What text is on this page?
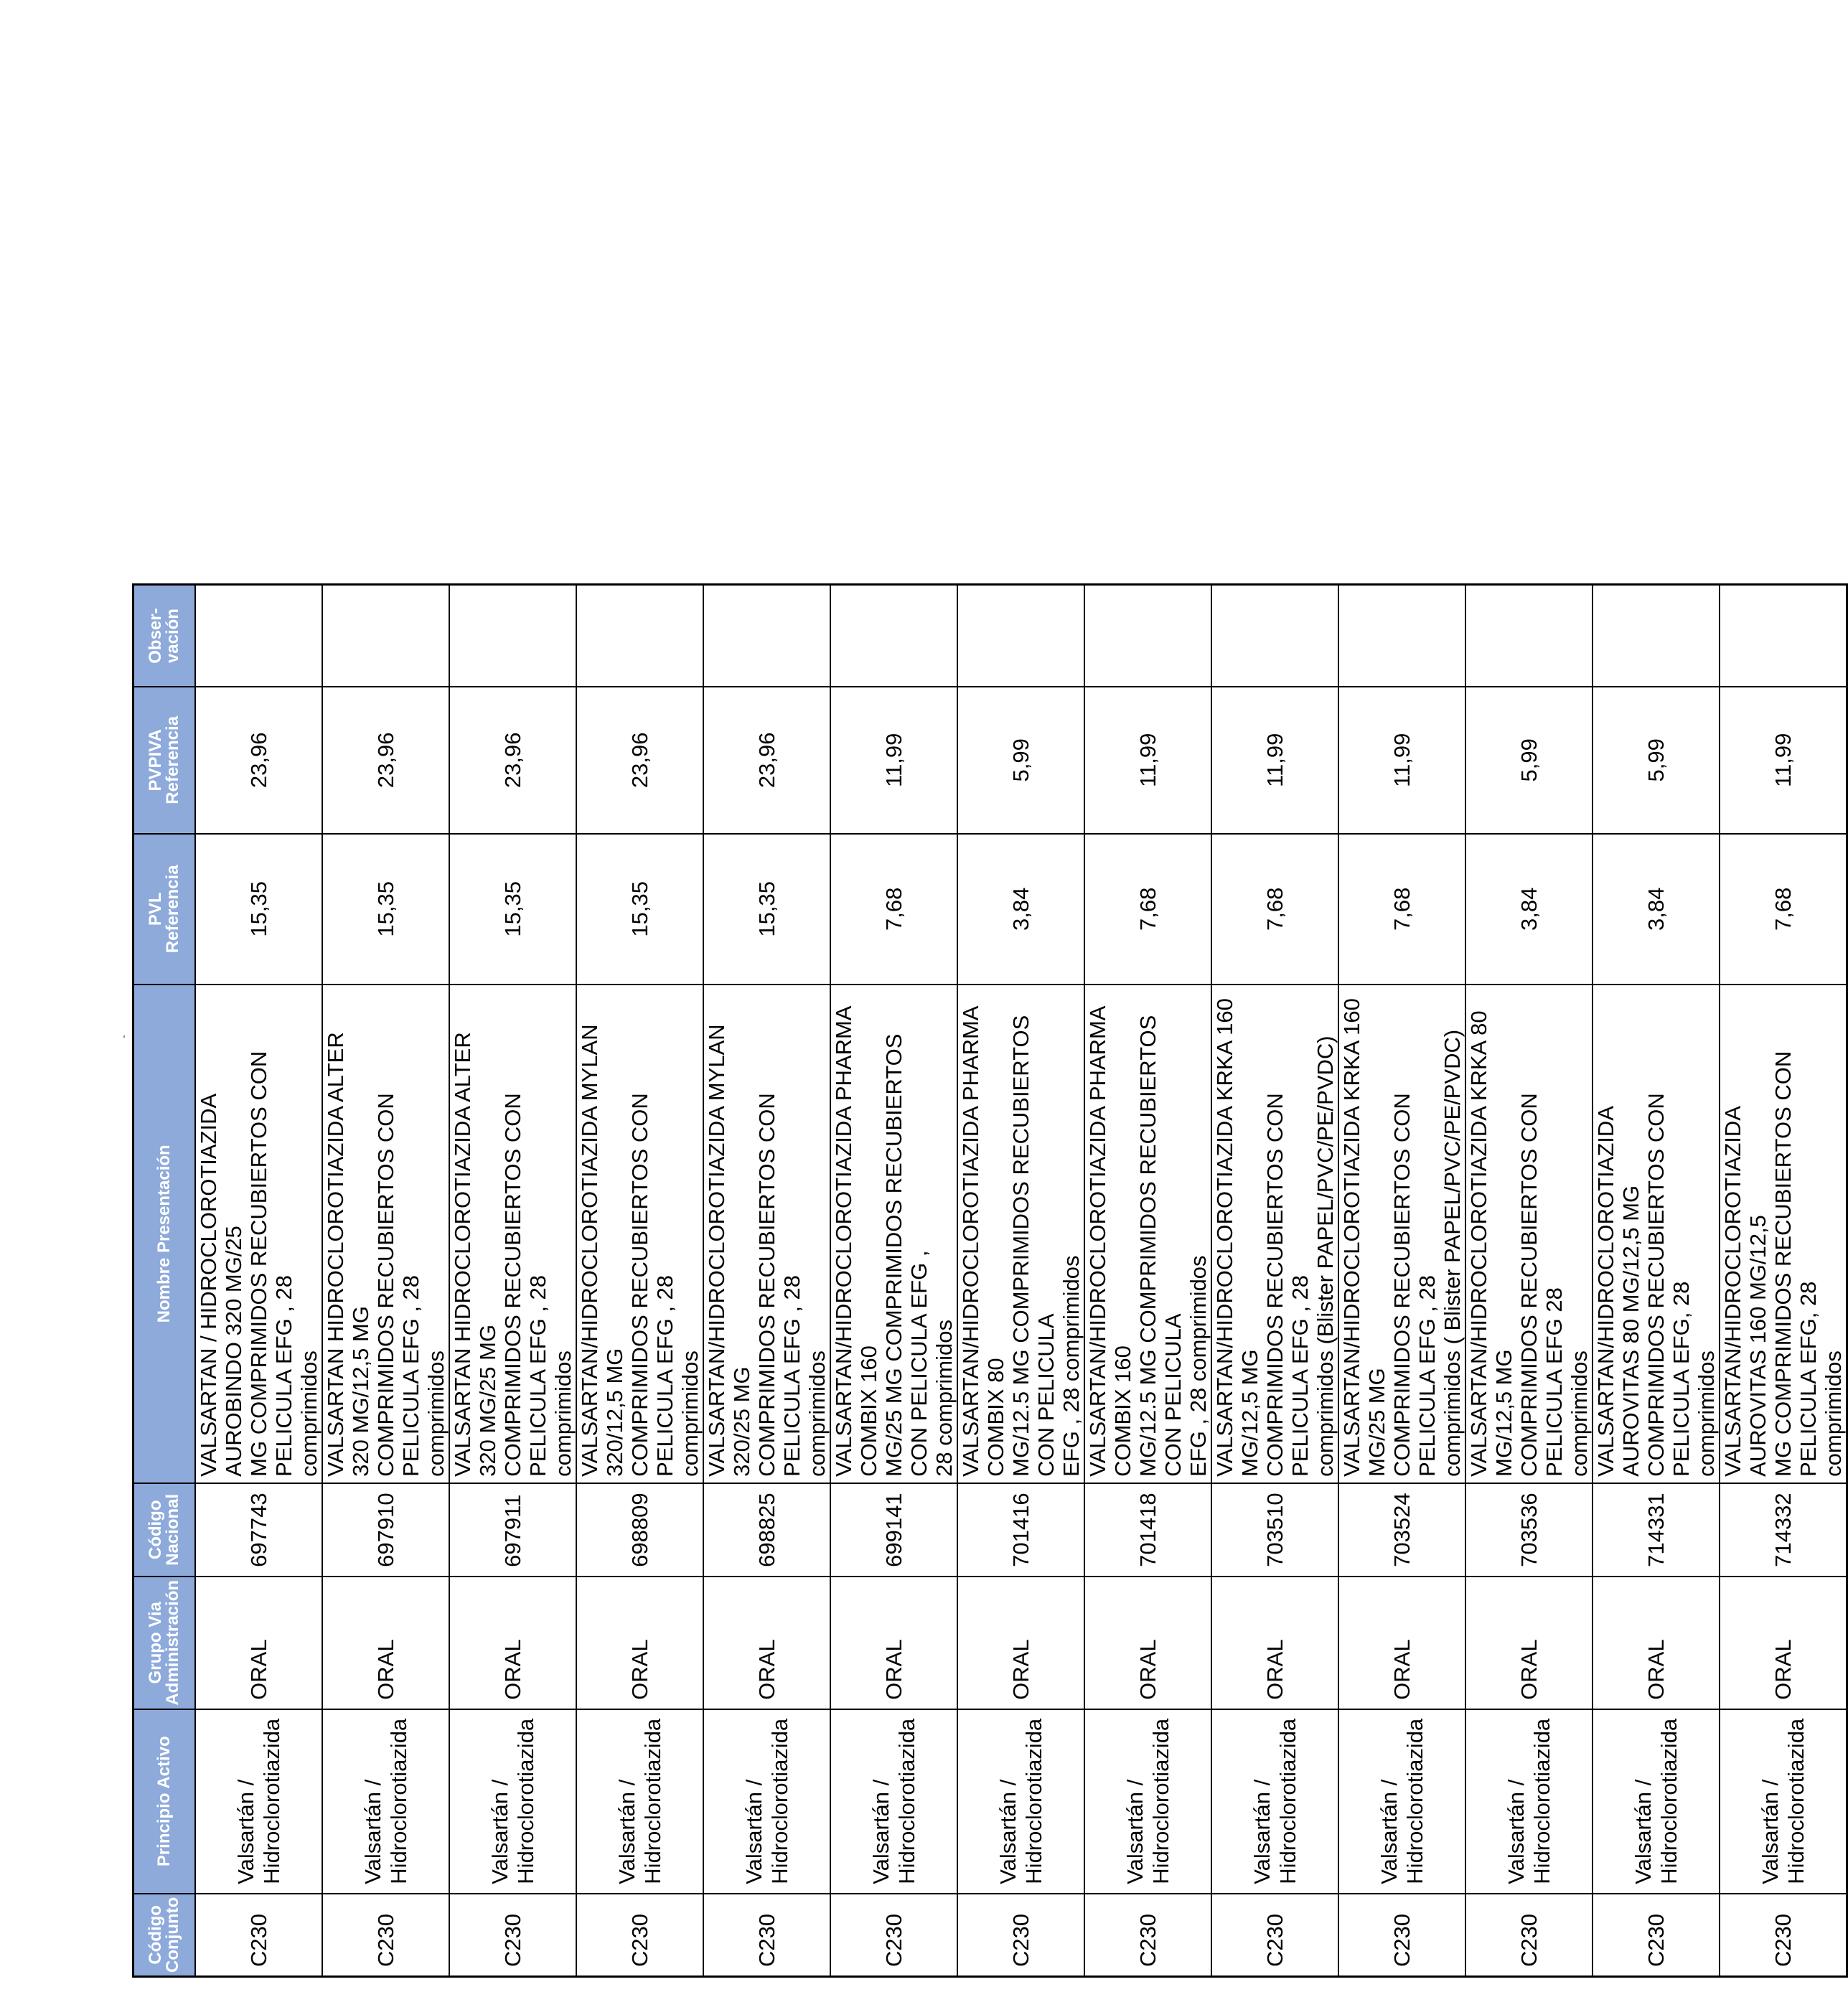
Código
Conjunto	Principio Activo	Grupo Via
Administración	Código
Nacional	Nombre Presentación	PVL
Referencia	PVPIVA
Referencia	Obser-
vación

C230	Valsartán / Hidroclorotiazida	ORAL	697743	VALSARTAN / HIDROCLOROTIAZIDA AUROBINDO 320 MG/25 MG COMPRIMIDOS RECUBIERTOS CON PELICULA EFG , 28 comprimidos	15,35	23,96	
C230	Valsartán / Hidroclorotiazida	ORAL	697910	VALSARTAN HIDROCLOROTIAZIDA ALTER 320 MG/12,5 MG COMPRIMIDOS RECUBIERTOS CON PELICULA EFG , 28 comprimidos	15,35	23,96	
C230	Valsartán / Hidroclorotiazida	ORAL	697911	VALSARTAN HIDROCLOROTIAZIDA ALTER 320 MG/25 MG COMPRIMIDOS RECUBIERTOS CON PELICULA EFG , 28 comprimidos	15,35	23,96	
C230	Valsartán / Hidroclorotiazida	ORAL	698809	VALSARTAN/HIDROCLOROTIAZIDA MYLAN 320/12,5 MG COMPRIMIDOS RECUBIERTOS CON PELICULA EFG , 28 comprimidos	15,35	23,96	
C230	Valsartán / Hidroclorotiazida	ORAL	698825	VALSARTAN/HIDROCLOROTIAZIDA MYLAN 320/25 MG COMPRIMIDOS RECUBIERTOS CON PELICULA EFG , 28 comprimidos	15,35	23,96	
C230	Valsartán / Hidroclorotiazida	ORAL	699141	VALSARTAN/HIDROCLOROTIAZIDA PHARMA COMBIX 160 MG/25 MG COMPRIMIDOS RECUBIERTOS CON PELICULA EFG , 28 comprimidos	7,68	11,99	
C230	Valsartán / Hidroclorotiazida	ORAL	701416	VALSARTAN/HIDROCLOROTIAZIDA PHARMA COMBIX 80 MG/12.5 MG COMPRIMIDOS RECUBIERTOS CON PELICULA EFG , 28 comprimidos	3,84	5,99	
C230	Valsartán / Hidroclorotiazida	ORAL	701418	VALSARTAN/HIDROCLOROTIAZIDA PHARMA COMBIX 160 MG/12.5 MG COMPRIMIDOS RECUBIERTOS CON PELICULA EFG , 28 comprimidos	7,68	11,99	
C230	Valsartán / Hidroclorotiazida	ORAL	703510	VALSARTAN/HIDROCLOROTIAZIDA KRKA 160 MG/12,5 MG COMPRIMIDOS RECUBIERTOS CON PELICULA EFG , 28 comprimidos (Blister PAPEL/PVC/PE/PVDC)	7,68	11,99	
C230	Valsartán / Hidroclorotiazida	ORAL	703524	VALSARTAN/HIDROCLOROTIAZIDA KRKA 160 MG/25 MG COMPRIMIDOS RECUBIERTOS CON PELICULA EFG , 28 comprimidos ( Blister PAPEL/PVC/PE/PVDC)	7,68	11,99	
C230	Valsartán / Hidroclorotiazida	ORAL	703536	VALSARTAN/HIDROCLOROTIAZIDA KRKA 80 MG/12,5 MG COMPRIMIDOS RECUBIERTOS CON PELICULA EFG 28 comprimidos	3,84	5,99	
C230	Valsartán / Hidroclorotiazida	ORAL	714331	VALSARTAN/HIDROCLOROTIAZIDA AUROVITAS 80 MG/12,5 MG COMPRIMIDOS RECUBIERTOS CON PELICULA EFG, 28 comprimidos	3,84	5,99	
C230	Valsartán / Hidroclorotiazida	ORAL	714332	VALSARTAN/HIDROCLOROTIAZIDA AUROVITAS 160 MG/12,5 MG COMPRIMIDOS RECUBIERTOS CON PELICULA EFG, 28 comprimidos	7,68	11,99	
